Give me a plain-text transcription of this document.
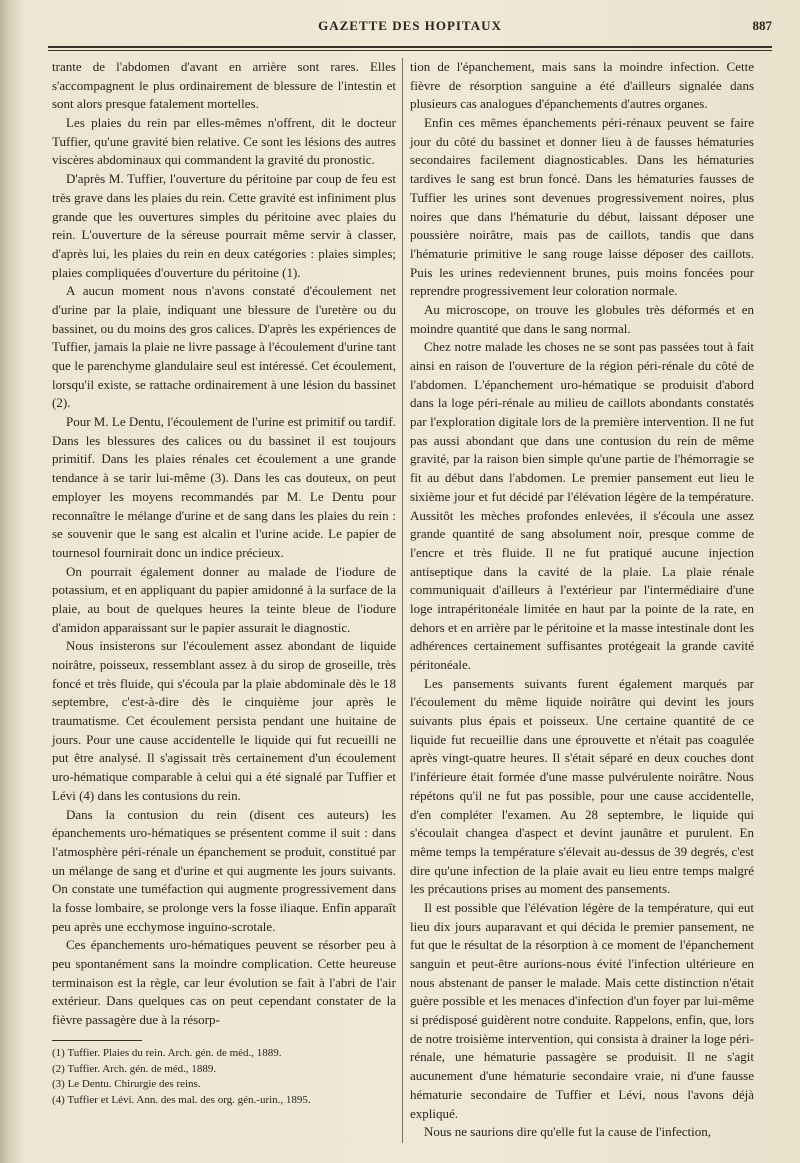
GAZETTE DES HOPITAUX	887

trante de l'abdomen d'avant en arrière sont rares. Elles s'accompagnent le plus ordinairement de blessure de l'intestin et sont alors presque fatalement mortelles.

Les plaies du rein par elles-mêmes n'offrent, dit le docteur Tuffier, qu'une gravité bien relative. Ce sont les lésions des autres viscères abdominaux qui commandent la gravité du pronostic.

D'après M. Tuffier, l'ouverture du péritoine par coup de feu est très grave dans les plaies du rein. Cette gravité est infiniment plus grande que les ouvertures simples du péritoine avec plaies du rein. L'ouverture de la séreuse pourrait même servir à classer, d'après lui, les plaies du rein en deux catégories : plaies simples; plaies compliquées d'ouverture du péritoine (1).

A aucun moment nous n'avons constaté d'écoulement net d'urine par la plaie, indiquant une blessure de l'uretère ou du bassinet, ou du moins des gros calices. D'après les expériences de Tuffier, jamais la plaie ne livre passage à l'écoulement d'urine tant que le parenchyme glandulaire seul est intéressé. Cet écoulement, lorsqu'il existe, se rattache ordinairement à une lésion du bassinet (2).

Pour M. Le Dentu, l'écoulement de l'urine est primitif ou tardif. Dans les blessures des calices ou du bassinet il est toujours primitif. Dans les plaies rénales cet écoulement a une grande tendance à se tarir lui-même (3). Dans les cas douteux, on peut employer les moyens recommandés par M. Le Dentu pour reconnaître le mélange d'urine et de sang dans les plaies du rein : se souvenir que le sang est alcalin et l'urine acide. Le papier de tournesol fournirait donc un indice précieux.

On pourrait également donner au malade de l'iodure de potassium, et en appliquant du papier amidonné à la surface de la plaie, au bout de quelques heures la teinte bleue de l'iodure d'amidon apparaissant sur le papier assurait le diagnostic.

Nous insisterons sur l'écoulement assez abondant de liquide noirâtre, poisseux, ressemblant assez à du sirop de groseille, très foncé et très fluide, qui s'écoula par la plaie abdominale dès le 18 septembre, c'est-à-dire dès le cinquième jour après le traumatisme. Cet écoulement persista pendant une huitaine de jours. Pour une cause accidentelle le liquide qui fut recueilli ne put être analysé. Il s'agissait très certainement d'un écoulement uro-hématique comparable à celui qui a été signalé par Tuffier et Lévi (4) dans les contusions du rein.

Dans la contusion du rein (disent ces auteurs) les épanchements uro-hématiques se présentent comme il suit : dans l'atmosphère péri-rénale un épanchement se produit, constitué par un mélange de sang et d'urine et qui augmente les jours suivants. On constate une tuméfaction qui augmente progressivement dans la fosse lombaire, se prolonge vers la fosse iliaque. Enfin apparaît peu après une ecchymose inguino-scrotale.

Ces épanchements uro-hématiques peuvent se résorber peu à peu spontanément sans la moindre complication. Cette heureuse terminaison est la règle, car leur évolution se fait à l'abri de l'air extérieur. Dans quelques cas on peut cependant constater de la fièvre passagère due à la résorp-

tion de l'épanchement, mais sans la moindre infection. Cette fièvre de résorption sanguine a été d'ailleurs signalée dans plusieurs cas analogues d'épanchements d'autres organes.

Enfin ces mêmes épanchements péri-rénaux peuvent se faire jour du côté du bassinet et donner lieu à de fausses hématuries secondaires facilement diagnosticables. Dans les hématuries tardives le sang est brun foncé. Dans les hématuries fausses de Tuffier les urines sont devenues progressivement noires, plus noires que dans l'hématurie du début, laissant déposer une poussière noirâtre, mais pas de caillots, tandis que dans l'hématurie primitive le sang rouge laisse déposer des caillots. Puis les urines redeviennent brunes, puis moins foncées pour reprendre progressivement leur coloration normale.

Au microscope, on trouve les globules très déformés et en moindre quantité que dans le sang normal.

Chez notre malade les choses ne se sont pas passées tout à fait ainsi en raison de l'ouverture de la région péri-rénale du côté de l'abdomen. L'épanchement uro-hématique se produisit d'abord dans la loge péri-rénale au milieu de caillots abondants constatés par l'exploration digitale lors de la première intervention. Il ne fut pas aussi abondant que dans une contusion du rein de même gravité, par la raison bien simple qu'une partie de l'hémorragie se fit au début dans l'abdomen. Le premier pansement eut lieu le sixième jour et fut décidé par l'élévation légère de la température. Aussitôt les mèches profondes enlevées, il s'écoula une assez grande quantité de sang absolument noir, presque comme de l'encre et très fluide. Il ne fut pratiqué aucune injection antiseptique dans la cavité de la plaie. La plaie rénale communiquait d'ailleurs à l'extérieur par l'intermédiaire d'une loge intrapéritonéale limitée en haut par la pointe de la rate, en dehors et en arrière par le péritoine et la masse intestinale dont les adhérences certainement suffisantes protégeait la grande cavité péritonéale.

Les pansements suivants furent également marqués par l'écoulement du même liquide noirâtre qui devint les jours suivants plus épais et poisseux. Une certaine quantité de ce liquide fut recueillie dans une éprouvette et n'était pas coagulée après vingt-quatre heures. Il s'était séparé en deux couches dont l'inférieure était formée d'une masse pulvérulente noirâtre. Nous répétons qu'il ne fut pas possible, pour une cause accidentelle, d'en compléter l'examen. Au 28 septembre, le liquide qui s'écoulait changea d'aspect et devint jaunâtre et purulent. En même temps la température s'élevait au-dessus de 39 degrés, c'est dire qu'une infection de la plaie avait eu lieu entre temps malgré les précautions prises au moment des pansements.

Il est possible que l'élévation légère de la température, qui eut lieu dix jours auparavant et qui décida le premier pansement, ne fut que le résultat de la résorption à ce moment de l'épanchement sanguin et peut-être aurions-nous évité l'infection ultérieure en nous abstenant de panser le malade. Mais cette distinction n'était guère possible et les menaces d'infection d'un foyer par lui-même si prédisposé guidèrent notre conduite. Rappelons, enfin, que, lors de notre troisième intervention, qui consista à drainer la loge péri-rénale, une hématurie passagère se produisit. Il ne s'agit aucunement d'une hématurie secondaire vraie, ni d'une fausse hématurie secondaire de Tuffier et Lévi, nous l'avons déjà expliqué.

Nous ne saurions dire qu'elle fut la cause de l'infection,

(1) Tuffier. Plaies du rein. Arch. gén. de méd., 1889.
(2) Tuffier. Arch. gén. de méd., 1889.
(3) Le Dentu. Chirurgie des reins.
(4) Tuffier et Lévi. Ann. des mal. des org. gén.-urin., 1895.
